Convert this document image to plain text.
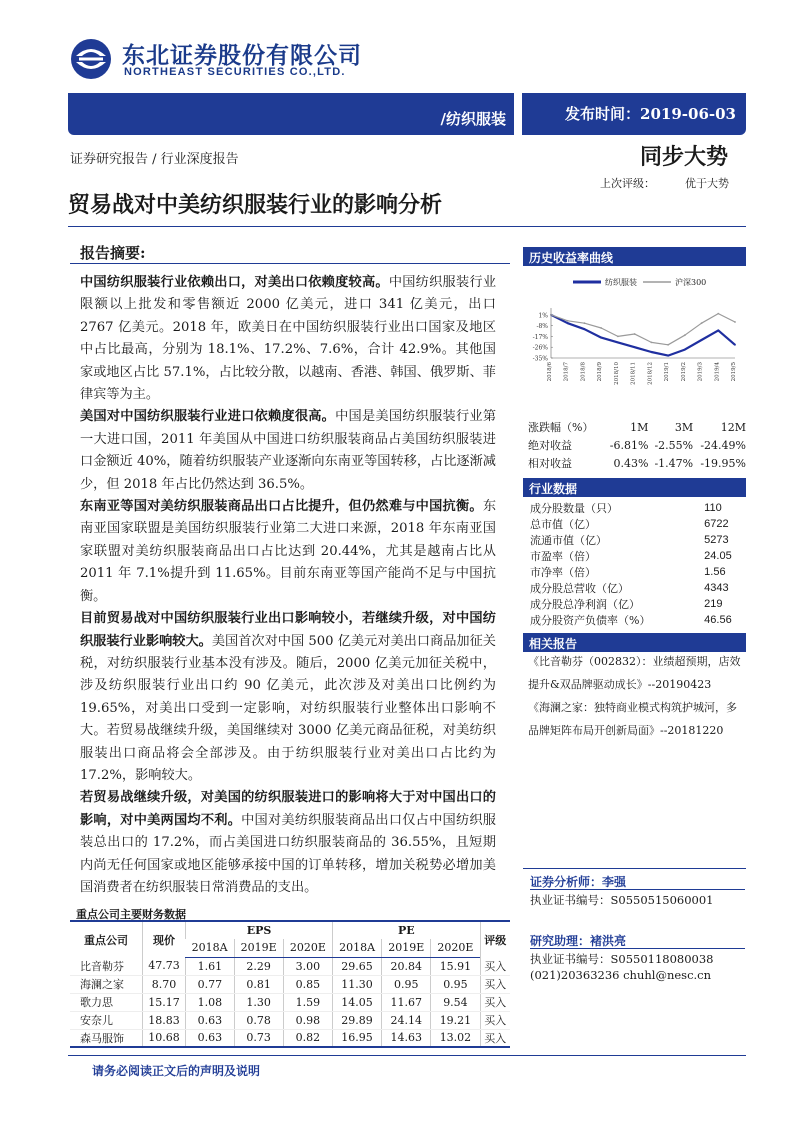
东北证券股份有限公司
NORTHEAST SECURITIES CO.,LTD.
/纺织服装	发布时间：2019-06-03
证券研究报告 / 行业深度报告	同步大势
上次评级：	优于大势
贸易战对中美纺织服装行业的影响分析
报告摘要:

中国纺织服装行业依赖出口，对美出口依赖度较高。中国纺织服装行业限额以上批发和零售额近 2000 亿美元，进口 341 亿美元，出口 2767 亿美元。2018 年，欧美日在中国纺织服装行业出口国家及地区中占比最高，分别为 18.1%、17.2%、7.6%，合计 42.9%。其他国家或地区占比 57.1%，占比较分散，以越南、香港、韩国、俄罗斯、菲律宾等为主。

美国对中国纺织服装行业进口依赖度很高。中国是美国纺织服装行业第一大进口国，2011 年美国从中国进口纺织服装商品占美国纺织服装进口金额近 40%，随着纺织服装产业逐渐向东南亚等国转移，占比逐渐减少，但 2018 年占比仍然达到 36.5%。

东南亚等国对美纺织服装商品出口占比提升，但仍然难与中国抗衡。东南亚国家联盟是美国纺织服装行业第二大进口来源，2018 年东南亚国家联盟对美纺织服装商品出口占比达到 20.44%，尤其是越南占比从 2011 年 7.1%提升到 11.65%。目前东南亚等国产能尚不足与中国抗衡。

目前贸易战对中国纺织服装行业出口影响较小，若继续升级，对中国纺织服装行业影响较大。美国首次对中国 500 亿美元对美出口商品加征关税，对纺织服装行业基本没有涉及。随后，2000 亿美元加征关税中，涉及纺织服装行业出口约 90 亿美元，此次涉及对美出口比例约为 19.65%，对美出口受到一定影响，对纺织服装行业整体出口影响不大。若贸易战继续升级，美国继续对 3000 亿美元商品征税，对美纺织服装出口商品将会全部涉及。由于纺织服装行业对美出口占比约为 17.2%，影响较大。

若贸易战继续升级，对美国的纺织服装进口的影响将大于对中国出口的影响，对中美两国均不利。中国对美纺织服装商品出口仅占中国纺织服装总出口的 17.2%，而占美国进口纺织服装商品的 36.55%，且短期内尚无任何国家或地区能够承接中国的订单转移，增加关税势必增加美国消费者在纺织服装日常消费品的支出。

历史收益率曲线
纺织服装	沪深300
1%
-8%
-17%
-26%
-35%
2018/6 2018/7 2018/8 2018/9 2018/10 2018/11 2018/12 2019/1 2019/2 2019/3 2019/4 2019/5
涨跌幅（%）	1M	3M	12M
绝对收益	-6.81%	-2.55%	-24.49%
相对收益	0.43%	-1.47%	-19.95%
行业数据
成分股数量（只）	110
总市值（亿）	6722
流通市值（亿）	5273
市盈率（倍）	24.05
市净率（倍）	1.56
成分股总营收（亿）	4343
成分股总净利润（亿）	219
成分股资产负债率（%）	46.56
相关报告
《比音勒芬（002832）：业绩超预期，店效提升&双品牌驱动成长》--20190423
《海澜之家：独特商业模式构筑护城河，多品牌矩阵布局开创新局面》--20181220
证券分析师：李强
执业证书编号：S0550515060001
研究助理：褚洪亮
执业证书编号：S0550118080038
(021)20363236 chuhl@nesc.cn
重点公司主要财务数据
重点公司	现价	EPS			PE			评级
		2018A	2019E	2020E	2018A	2019E	2020E	
比音勒芬	47.73	1.61	2.29	3.00	29.65	20.84	15.91	买入
海澜之家	8.70	0.77	0.81	0.85	11.30	0.95	0.95	买入
歌力思	15.17	1.08	1.30	1.59	14.05	11.67	9.54	买入
安奈儿	18.83	0.63	0.78	0.98	29.89	24.14	19.21	买入
森马服饰	10.68	0.63	0.73	0.82	16.95	14.63	13.02	买入
请务必阅读正文后的声明及说明
